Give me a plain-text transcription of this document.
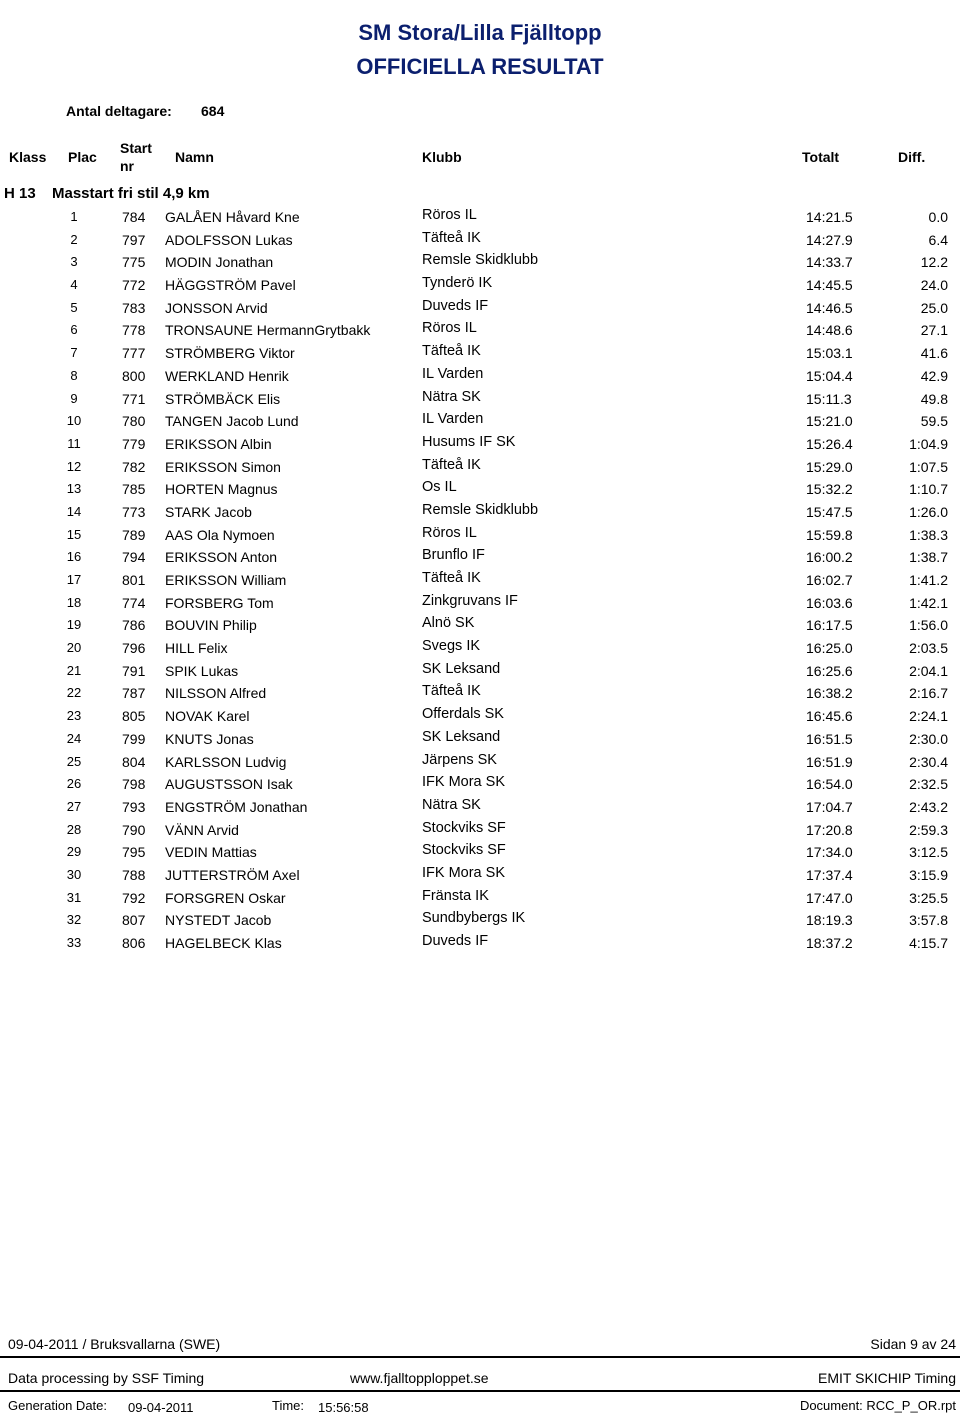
SM Stora/Lilla Fjälltopp
OFFICIELLA RESULTAT
Antal deltagare: 684
Klass Plac
Start
nr
Namn	Klubb	Totalt	Diff.
H 13 Masstart fri stil 4,9 km
1	784 GALÅEN Håvard Kne	Röros IL	14:21.5	0.0
2	797 ADOLFSSON Lukas	Täfteå IK	14:27.9	6.4
3	775 MODIN Jonathan	Remsle Skidklubb	14:33.7	12.2
4	772 HÄGGSTRÖM Pavel	Tynderö IK	14:45.5	24.0
5	783 JONSSON Arvid	Duveds IF	14:46.5	25.0
6	778 TRONSAUNE HermannGrytbakk	Röros IL	14:48.6	27.1
7	777 STRÖMBERG Viktor	Täfteå IK	15:03.1	41.6
8	800 WERKLAND Henrik	IL Varden	15:04.4	42.9
9	771 STRÖMBÄCK Elis	Nätra SK	15:11.3	49.8
10	780 TANGEN Jacob Lund	IL Varden	15:21.0	59.5
11	779 ERIKSSON Albin	Husums IF SK	15:26.4	1:04.9
12	782 ERIKSSON Simon	Täfteå IK	15:29.0	1:07.5
13	785 HORTEN Magnus	Os IL	15:32.2	1:10.7
14	773 STARK Jacob	Remsle Skidklubb	15:47.5	1:26.0
15	789 AAS Ola Nymoen	Röros IL	15:59.8	1:38.3
16	794 ERIKSSON Anton	Brunflo IF	16:00.2	1:38.7
17	801 ERIKSSON William	Täfteå IK	16:02.7	1:41.2
18	774 FORSBERG Tom	Zinkgruvans IF	16:03.6	1:42.1
19	786 BOUVIN Philip	Alnö SK	16:17.5	1:56.0
20	796 HILL Felix	Svegs IK	16:25.0	2:03.5
21	791 SPIK Lukas	SK Leksand	16:25.6	2:04.1
22	787 NILSSON Alfred	Täfteå IK	16:38.2	2:16.7
23	805 NOVAK Karel	Offerdals SK	16:45.6	2:24.1
24	799 KNUTS Jonas	SK Leksand	16:51.5	2:30.0
25	804 KARLSSON Ludvig	Järpens SK	16:51.9	2:30.4
26	798 AUGUSTSSON Isak	IFK Mora SK	16:54.0	2:32.5
27	793 ENGSTRÖM Jonathan	Nätra SK	17:04.7	2:43.2
28	790 VÄNN Arvid	Stockviks SF	17:20.8	2:59.3
29	795 VEDIN Mattias	Stockviks SF	17:34.0	3:12.5
30	788 JUTTERSTRÖM Axel	IFK Mora SK	17:37.4	3:15.9
31	792 FORSGREN Oskar	Fränsta IK	17:47.0	3:25.5
32	807 NYSTEDT Jacob	Sundbybergs IK	18:19.3	3:57.8
33	806 HAGELBECK Klas	Duveds IF	18:37.2	4:15.7
09-04-2011 / Bruksvallarna (SWE)	Sidan 9 av 24
Data processing by SSF Timing	www.fjalltopploppet.se	EMIT SKICHIP Timing
Generation Date: 09-04-2011	Time: 15:56:58	Document: RCC_P_OR.rpt
